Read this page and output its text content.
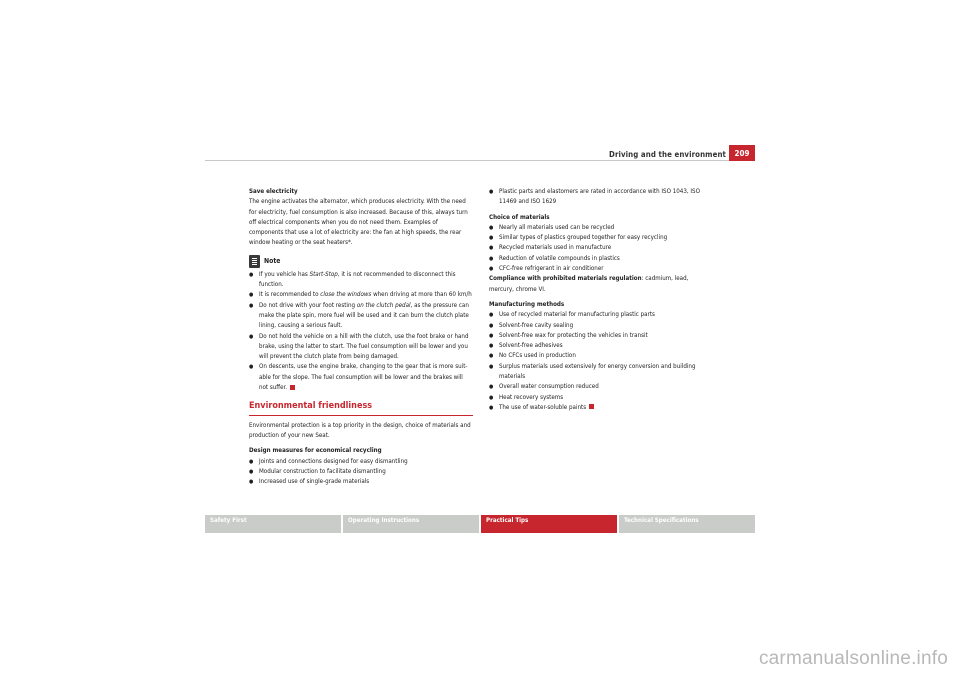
Driving and the environment	209

Save electricity

The engine activates the alternator, which produces electricity. With the need for electricity, fuel consumption is also increased. Because of this, always turn off electrical components when you do not need them. Examples of components that use a lot of electricity are: the fan at high speeds, the rear window heating or the seat heaters*.

Note

● If you vehicle has Start-Stop, it is not recommended to disconnect this function.

● It is recommended to close the windows when driving at more than 60 km/h

● Do not drive with your foot resting on the clutch pedal, as the pressure can make the plate spin, more fuel will be used and it can burn the clutch plate lining, causing a serious fault.

● Do not hold the vehicle on a hill with the clutch, use the foot brake or hand brake, using the latter to start. The fuel consumption will be lower and you will prevent the clutch plate from being damaged.

● On descents, use the engine brake, changing to the gear that is more suit-able for the slope. The fuel consumption will be lower and the brakes will not suffer.

Environmental friendliness

Environmental protection is a top priority in the design, choice of materials and production of your new Seat.

Design measures for economical recycling

● Joints and connections designed for easy dismantling

● Modular construction to facilitate dismantling

● Increased use of single-grade materials

● Plastic parts and elastomers are rated in accordance with ISO 1043, ISO 11469 and ISO 1629

Choice of materials

● Nearly all materials used can be recycled

● Similar types of plastics grouped together for easy recycling

● Recycled materials used in manufacture

● Reduction of volatile compounds in plastics

● CFC-free refrigerant in air conditioner

Compliance with prohibited materials regulation: cadmium, lead, mercury, chrome VI.

Manufacturing methods

● Use of recycled material for manufacturing plastic parts

● Solvent-free cavity sealing

● Solvent-free wax for protecting the vehicles in transit

● Solvent-free adhesives

● No CFCs used in production

● Surplus materials used extensively for energy conversion and building materials

● Overall water consumption reduced

● Heat recovery systems

● The use of water-soluble paints

Safety First	Operating Instructions	Practical Tips	Technical Specifications
carmanualsonline.info
